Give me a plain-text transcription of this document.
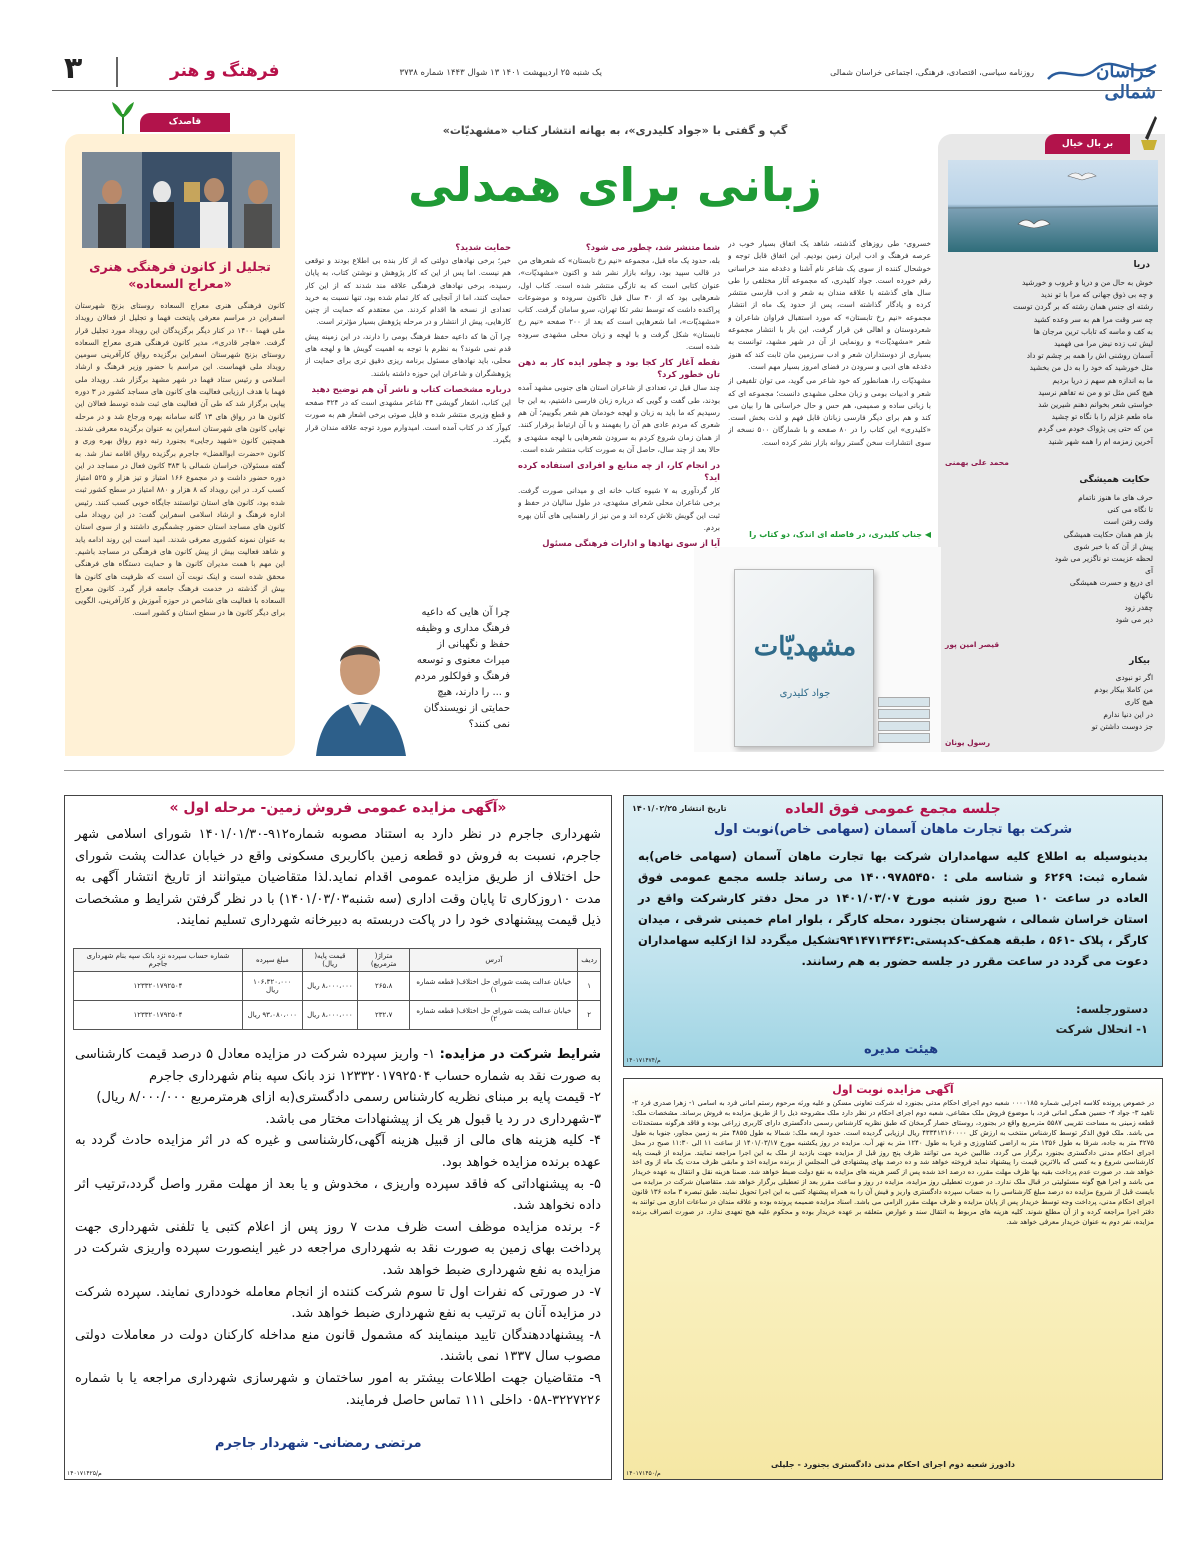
خراسان شمالی
روزنامه سیاسی، اقتصادی، فرهنگی، اجتماعی خراسان شمالی
یک شنبه ۲۵ اردیبهشت ۱۴۰۱ ۱۳ شوال ۱۴۴۳ شماره ۳۷۳۸
فرهنگ و هنر
۳
بر بال خیال
دریا
خوش به حال من و دریا و غروب و خورشید
و چه بی ذوق جهانی که مرا با تو ندید
رشته ای جنس همان رشته که بر گردن توست
چه سر وقت مرا هم به سر وعده کشید
به کف و ماسه که تاباب ترین مرجان ها
لیش تب زده نیض مرا می فهمید
آسمان روشنی اش را همه بر چشم تو داد
مثل خورشید که خود را به دل من بخشید
ما به اندازه هم سهم ز دریا بردیم
هیچ کس مثل تو و من نه تفاهم نرسید
خواستی شعر بخوانم دهنم شیرین شد
ماه طعم غزلم را با نگاه تو چشید
من که حتی پی پژواک خودم می گردم
آخرین زمزمه ام را همه شهر شنید
محمد علی بهمنی
حکایت همیشگی
حرف های ما هنوز ناتمام
تا نگاه می کنی
وقت رفتن است
باز هم همان حکایت همیشگی
پیش از آن که با خبر شوی
لحظه عزیمت تو ناگزیر می شود
آی
ای دریغ و حسرت همیشگی
ناگهان
چقدر زود
دیر می شود
قیصر امین پور
بیکار
اگر تو نبودی
من کاملا بیکار بودم
هیچ کاری
در این دنیا ندارم
جز دوست داشتن تو
رسول یونان
گپ و گفتی با «جواد کلیدری»، به بهانه انتشار کتاب «مشهدیّات»
زبانی برای همدلی

خسروی- طی روزهای گذشته، شاهد یک اتفاق بسیار خوب در عرصه فرهنگ و ادب ایران زمین بودیم. این اتفاق قابل توجه و خوشحال کننده از سوی یک شاعر نام آشنا و دغدغه مند خراسانی رقم خورده است. جواد کلیدری، که مجموعه آثار مختلفی را طی سال های گذشته با علاقه مندان به شعر و ادب فارسی منتشر کرده و یادگار گذاشته است، پس از حدود یک ماه از انتشار مجموعه «نیم رخ تابستان» که مورد استقبال فراوان شاعران و شعردوستان و اهالی فن قرار گرفت، این بار با انتشار مجموعه شعر «مشهدیّات» و رونمایی از آن در شهر مشهد، توانست به بسیاری از دوستداران شعر و ادب سرزمین مان ثابت کند که هنوز دغدغه های ادبی و سرودن در فضای امروز بسیار مهم است.

مشهدیّات را، همانطور که خود شاعر می گوید، می توان تلفیقی از شعر و ادبیات بومی و زبان محلی مشهدی دانست؛ مجموعه ای که با زبانی ساده و صمیمی، هم حس و حال خراسانی ها را بیان می کند و هم برای دیگر فارسی زبانان قابل فهم و لذت بخش است. «کلیدری» این کتاب را در ۸۰ صفحه و با شمارگان ۵۰۰ نسخه از سوی انتشارات سخن گستر روانه بازار نشر کرده است.

◀ جناب کلیدری، در فاصله ای اندک، دو کتاب را
مشهدیّات
جواد کلیدری
شما متنشر شد، چطور می شود؟

بله، حدود یک ماه قبل، مجموعه «نیم رخ تابستان» که شعرهای من در قالب سپید بود، روانه بازار نشر شد و اکنون «مشهدیّات»، عنوان کتابی است که به تازگی منتشر شده است. کتاب اول، شعرهایی بود که از ۳۰ سال قبل تاکنون سروده و موضوعات پراکنده داشت که توسط نشر تکا تهران، سرو سامان گرفت. کتاب «مشهدیّات»، اما شعرهایی است که بعد از ۲۰۰ صفحه «نیم رخ تابستان» شکل گرفت و با لهجه و زبان محلی مشهدی سروده شده است.

نقطه آغاز کار کجا بود و چطور ایده کار به ذهن تان خطور کرد؟

چند سال قبل تر، تعدادی از شاعران استان های جنوبی مشهد آمده بودند، طی گفت و گویی که درباره زبان فارسی داشتیم، به این جا رسیدیم که ما باید به زبان و لهجه خودمان هم شعر بگوییم؛ آن هم شعری که مردم عادی هم آن را بفهمند و با آن ارتباط برقرار کنند. از همان زمان شروع کردم به سرودن شعرهایی با لهجه مشهدی و حالا بعد از چند سال، حاصل آن به صورت کتاب منتشر شده است.

در انجام کار، از چه منابع و افرادی استفاده کرده اید؟

کار گردآوری به ۷ شیوه کتاب خانه ای و میدانی صورت گرفت. برخی شاعران محلی شعرای مشهدی، در طول سالیان در حفظ و ثبت این گویش تلاش کرده اند و من نیز از راهنمایی های آنان بهره بردم.

آیا از سوی نهادها و ادارات فرهنگی مسئول
حمایت شدید؟

خیر؛ برخی نهادهای دولتی که از کار بنده بی اطلاع بودند و توقعی هم نیست. اما پس از این که کار پژوهش و نوشتن کتاب، به پایان رسیده، برخی نهادهای فرهنگی علاقه مند شدند که از این کار حمایت کنند، اما از آنجایی که کار تمام شده بود، تنها نسبت به خرید تعدادی از نسخه ها اقدام کردند. من معتقدم که حمایت از چنین کارهایی، پیش از انتشار و در مرحله پژوهش بسیار مؤثرتر است.

چرا آن ها که داعیه حفظ فرهنگ بومی را دارند، در این زمینه پیش قدم نمی شوند؟ به نظرم با توجه به اهمیت گویش ها و لهجه های محلی، باید نهادهای مسئول برنامه ریزی دقیق تری برای حمایت از پژوهشگران و شاعران این حوزه داشته باشند.

درباره مشخصات کتاب و ناشر آن هم توضیح دهید

این کتاب، اشعار گویشی ۴۴ شاعر مشهدی است که در ۳۲۴ صفحه و قطع وزیری منتشر شده و فایل صوتی برخی اشعار هم به صورت کیوآر کد در کتاب آمده است. امیدوارم مورد توجه علاقه مندان قرار بگیرد.

چرا آن هایی که داعیه فرهنگ مداری و وظیفه حفظ و نگهبانی از میراث معنوی و توسعه فرهنگ و فولکلور مردم و ... را دارند، هیچ حمایتی از نویسندگان نمی کنند؟
قاصدک
تجلیل از کانون فرهنگی هنری
«معراج السعاده»
کانون فرهنگی هنری معراج السعاده روستای بزنج شهرستان اسفراین در مراسم معرفی پایتخت فهما و تجلیل از فعالان رویداد ملی فهما ۱۴۰۰ در کنار دیگر برگزیدگان این رویداد مورد تجلیل قرار گرفت. «هاجر قادری»، مدیر کانون فرهنگی هنری معراج السعاده روستای بزنج شهرستان اسفراین برگزیده رواق کارآفرینی سومین رویداد ملی فهماست. این مراسم با حضور وزیر فرهنگ و ارشاد اسلامی و رئیس ستاد فهما در شهر مشهد برگزار شد. رویداد ملی فهما با هدف ارزیابی فعالیت های کانون های مساجد کشور در ۳ دوره پیاپی برگزار شد که طی آن فعالیت های ثبت شده توسط فعالان این کانون ها در رواق های ۱۳ گانه سامانه بهره ورجاع شد و در مرحله نهایی کانون های شهرستان اسفراین به عنوان برگزیده معرفی شدند. همچنین کانون «شهید رجایی» بجنورد رتبه دوم رواق بهره وری و کانون «حضرت ابوالفضل» جاجرم برگزیده رواق اقامه نماز شد. به گفته مسئولان، خراسان شمالی با ۳۸۳ کانون فعال در مساجد در این دوره حضور داشت و در مجموع ۱۶۶ امتیاز و تیز هزار و ۵۲۵ امتیاز کسب کرد. در این رویداد که ۸ هزار و ۸۸۰ امتیاز در سطح کشور ثبت شده بود، کانون های استان توانستند جایگاه خوبی کسب کنند. رئیس اداره فرهنگ و ارشاد اسلامی اسفراین گفت: در این رویداد ملی کانون های مساجد استان حضور چشمگیری داشتند و از سوی استان به عنوان نمونه کشوری معرفی شدند. امید است این روند ادامه یابد و شاهد فعالیت بیش از پیش کانون های فرهنگی در مساجد باشیم. این مهم با همت مدیران کانون ها و حمایت دستگاه های فرهنگی محقق شده است و اینک نوبت آن است که ظرفیت های کانون ها بیش از گذشته در خدمت فرهنگ جامعه قرار گیرد. کانون معراج السعاده با فعالیت های شاخص در حوزه آموزش و کارآفرینی، الگویی برای دیگر کانون ها در سطح استان و کشور است.
جلسه مجمع عمومی فوق العاده
تاریخ انتشار ۱۴۰۱/۰۲/۲۵
شرکت بها تجارت ماهان آسمان (سهامی خاص)نوبت اول
بدینوسیله به اطلاع کلیه سهامداران شرکت بها تجارت ماهان آسمان (سهامی خاص)به شماره ثبت: ۶۲۶۹ و شناسه ملی : ۱۴۰۰۹۷۸۵۴۵۰ می رساند جلسه مجمع عمومی فوق العاده در ساعت ۱۰ صبح روز شنبه مورخ ۱۴۰۱/۰۳/۰۷ در محل دفتر کارشرکت واقع در استان خراسان شمالی ، شهرستان بجنورد ،محله کارگر ، بلوار امام خمینی شرقی ، میدان کارگر ، پلاک -۵۶۱ ، طبقه همکف-کدپستی:۹۴۱۴۷۱۳۴۶۳تشکیل میگردد لذا ازکلیه سهامداران دعوت می گردد در ساعت مقرر در جلسه حضور به هم رسانند.
دستورجلسه:
۱- انحلال شرکت
هیئت مدیره
م/۱۴۰۱۷۱۴۷۴
آگهی مزایده نوبت اول
در خصوص پرونده کلاسه اجرایی شماره ۰۰۰۰۱۸۵ شعبه دوم اجرای احکام مدنی بجنورد له شرکت تعاونی مسکن و علیه ورثه مرحوم رستم امانی فرد به اسامی ۱- زهرا صدری فرد ۲- ناهید ۳- جواد ۴- حسین همگی امانی فرد، با موضوع فروش ملک مشاعی، شعبه دوم اجرای احکام در نظر دارد ملک مشروحه ذیل را از طریق مزایده به فروش برساند. مشخصات ملک: قطعه زمینی به مساحت تقریبی ۵۵۸۷ مترمربع واقع در بجنورد، روستای حصار گرمخان که طبق نظریه کارشناس رسمی دادگستری دارای کاربری زراعی بوده و فاقد هرگونه مستحدثات می باشد. ملک فوق الذکر توسط کارشناس منتخب به ارزش کل ۴۳۳۴۱۲۱۶۰۰۰۰ ریال ارزیابی گردیده است. حدود اربعه ملک: شمالا به طول ۴۸۵۵ متر به زمین مجاور، جنوبا به طول ۴۲۷۵ متر به جاده، شرقا به طول ۱۳۵۶ متر به اراضی کشاورزی و غربا به طول ۱۲۴۰ متر به نهر آب. مزایده در روز یکشنبه مورخ ۱۴۰۱/۰۳/۱۷ از ساعت ۱۱ الی ۱۱:۳۰ صبح در محل اجرای احکام مدنی دادگستری بجنورد برگزار می گردد. طالبین خرید می توانند ظرف پنج روز قبل از مزایده جهت بازدید از ملک به این اجرا مراجعه نمایند. مزایده از قیمت پایه کارشناسی شروع و به کسی که بالاترین قیمت را پیشنهاد نماید فروخته خواهد شد و ده درصد بهای پیشنهادی فی المجلس از برنده مزایده اخذ و مابقی ظرف مدت یک ماه از وی اخذ خواهد شد. در صورت عدم پرداخت بقیه بها ظرف مهلت مقرر، ده درصد اخذ شده پس از کسر هزینه های مزایده به نفع دولت ضبط خواهد شد. ضمنا هزینه نقل و انتقال به عهده خریدار می باشد و اجرا هیچ گونه مسئولیتی در قبال ملک ندارد. در صورت تعطیلی روز مزایده، مزایده در روز و ساعت مقرر بعد از تعطیلی برگزار خواهد شد. متقاضیان شرکت در مزایده می بایست قبل از شروع مزایده ده درصد مبلغ کارشناسی را به حساب سپرده دادگستری واریز و فیش آن را به همراه پیشنهاد کتبی به این اجرا تحویل نمایند. طبق تبصره ۳ ماده ۱۳۶ قانون اجرای احکام مدنی، پرداخت وجه توسط خریدار پس از پایان مزایده و ظرف مهلت مقرر الزامی می باشد. اسناد مزایده ضمیمه پرونده بوده و علاقه مندان در ساعات اداری می توانند به دفتر اجرا مراجعه کرده و از آن مطلع شوند. کلیه هزینه های مربوط به انتقال سند و عوارض متعلقه بر عهده خریدار بوده و محکوم علیه هیچ تعهدی ندارد. در صورت انصراف برنده مزایده، نفر دوم به عنوان خریدار معرفی خواهد شد.
دادورز شعبه دوم اجرای احکام مدنی دادگستری بجنورد - جلیلی
م/۱۴۰۱۷۱۴۵۰
«آگهی مزایده عمومی فروش زمین- مرحله اول »
شهرداری جاجرم در نظر دارد به استناد مصوبه شماره۹۱۲-۱۴۰۱/۰۱/۳۰ شورای اسلامی شهر جاجرم، نسبت به فروش دو قطعه زمین باکاربری مسکونی واقع در خیابان عدالت پشت شورای حل اختلاف از طریق مزایده عمومی اقدام نماید.لذا متقاضیان میتوانند از تاریخ انتشار آگهی به مدت ۱۰روزکاری تا پایان وقت اداری (سه شنبه۱۴۰۱/۰۳/۰۳) با در نظر گرفتن شرایط و مشخصات ذیل قیمت پیشنهادی خود را در پاکت دربسته به دبیرخانه شهرداری تسلیم نمایند.
ردیف	آدرس	متراژ( مترمربع)	قیمت پایه( ریال)	مبلغ سپرده	شماره حساب سپرده نزد بانک سپه بنام شهرداری جاجرم
۱	خیابان عدالت پشت شورای حل اختلاف( قطعه شماره ۱)	۲۶۵،۸	۸،۰۰۰،۰۰۰ ریال	۱۰۶،۳۲۰،۰۰۰ ریال	۱۲۳۳۲۰۱۷۹۲۵۰۴
۲	خیابان عدالت پشت شورای حل اختلاف( قطعه شماره ۲)	۲۳۲،۷	۸،۰۰۰،۰۰۰ ریال	۹۳،۰۸۰،۰۰۰ ریال	۱۲۳۳۲۰۱۷۹۲۵۰۴
شرایط شرکت در مزایده: ۱- واریز سپرده شرکت در مزایده معادل ۵ درصد قیمت کارشناسی به صورت نقد به شماره حساب ۱۲۳۳۲۰۱۷۹۲۵۰۴ نزد بانک سپه بنام شهرداری جاجرم
۲- قیمت پایه بر مبنای نظریه کارشناس رسمی دادگستری(به ازای هرمترمربع ۸/۰۰۰/۰۰۰ ریال)
۳-شهرداری در رد یا قبول هر یک از پیشنهادات مختار می باشد.
۴- کلیه هزینه های مالی از قبیل هزینه آگهی،کارشناسی و غیره که در اثر مزایده حادث گردد به عهده برنده مزایده خواهد بود.
۵- به پیشنهاداتی که فاقد سپرده واریزی ، مخدوش و یا بعد از مهلت مقرر واصل گردد،ترتیب اثر داده نخواهد شد.
۶- برنده مزایده موظف است ظرف مدت ۷ روز پس از اعلام کتبی یا تلفنی شهرداری جهت پرداخت بهای زمین به صورت نقد به شهرداری مراجعه در غیر اینصورت سپرده واریزی شرکت در مزایده به نفع شهرداری ضبط خواهد شد.
۷- در صورتی که نفرات اول تا سوم شرکت کننده از انجام معامله خودداری نمایند. سپرده شرکت در مزایده آنان به ترتیب به نفع شهرداری ضبط خواهد شد.
۸- پیشنهاددهندگان تایید مینمایند که مشمول قانون منع مداخله کارکنان دولت در معاملات دولتی مصوب سال ۱۳۳۷ نمی باشند.
۹- متقاضیان جهت اطلاعات بیشتر به امور ساختمان و شهرسازی شهرداری مراجعه یا با شماره ۳۲۲۷۲۲۶-۰۵۸ داخلی ۱۱۱ تماس حاصل فرمایند.
مرتضی رمضانی- شهردار جاجرم
م/۱۴۰۱۷۱۴۲۵
